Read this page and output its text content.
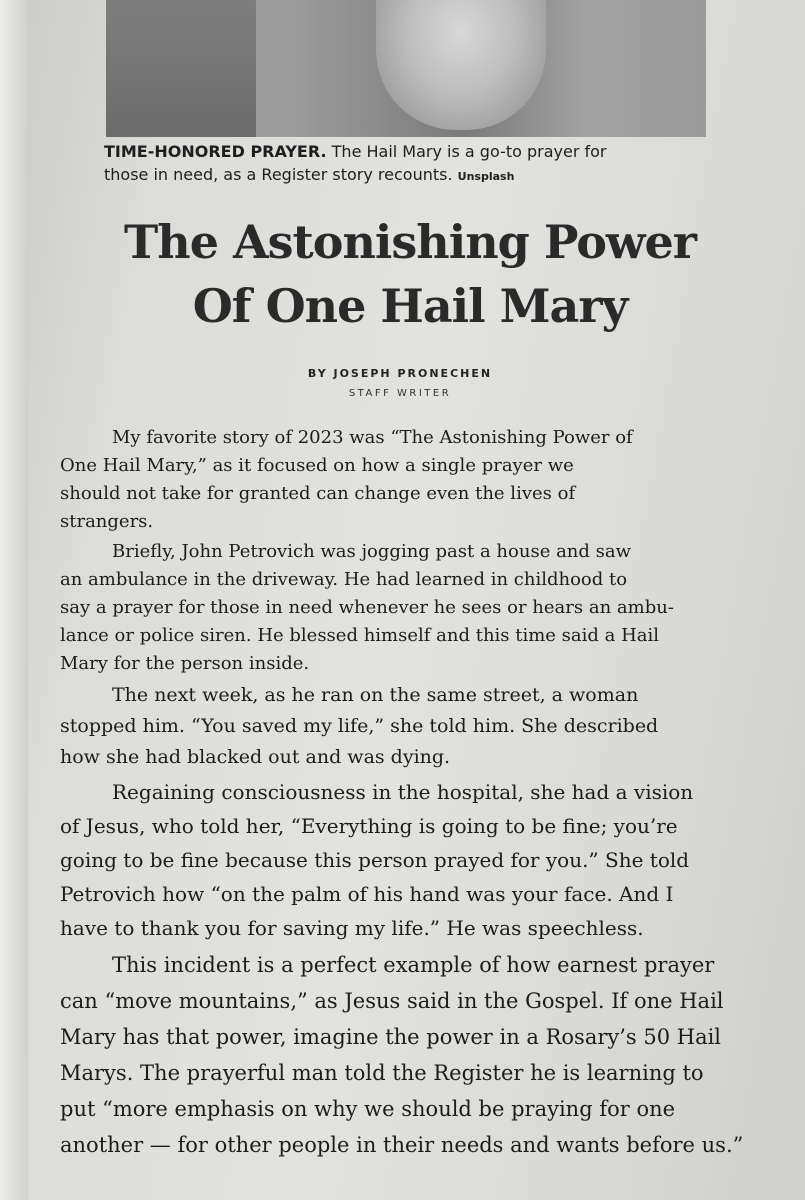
TIME-HONORED PRAYER. The Hail Mary is a go-to prayer for
those in need, as a Register story recounts. Unsplash
The Astonishing Power
Of One Hail Mary
BY JOSEPH PRONECHEN
STAFF WRITER
My favorite story of 2023 was “The Astonishing Power of
One Hail Mary,” as it focused on how a single prayer we
should not take for granted can change even the lives of
strangers.
Briefly, John Petrovich was jogging past a house and saw
an ambulance in the driveway. He had learned in childhood to
say a prayer for those in need whenever he sees or hears an ambu-
lance or police siren. He blessed himself and this time said a Hail
Mary for the person inside.
The next week, as he ran on the same street, a woman
stopped him. “You saved my life,” she told him. She described
how she had blacked out and was dying.
Regaining consciousness in the hospital, she had a vision
of Jesus, who told her, “Everything is going to be fine; you’re
going to be fine because this person prayed for you.” She told
Petrovich how “on the palm of his hand was your face. And I
have to thank you for saving my life.” He was speechless.
This incident is a perfect example of how earnest prayer
can “move mountains,” as Jesus said in the Gospel. If one Hail
Mary has that power, imagine the power in a Rosary’s 50 Hail
Marys. The prayerful man told the Register he is learning to
put “more emphasis on why we should be praying for one
another — for other people in their needs and wants before us.”
